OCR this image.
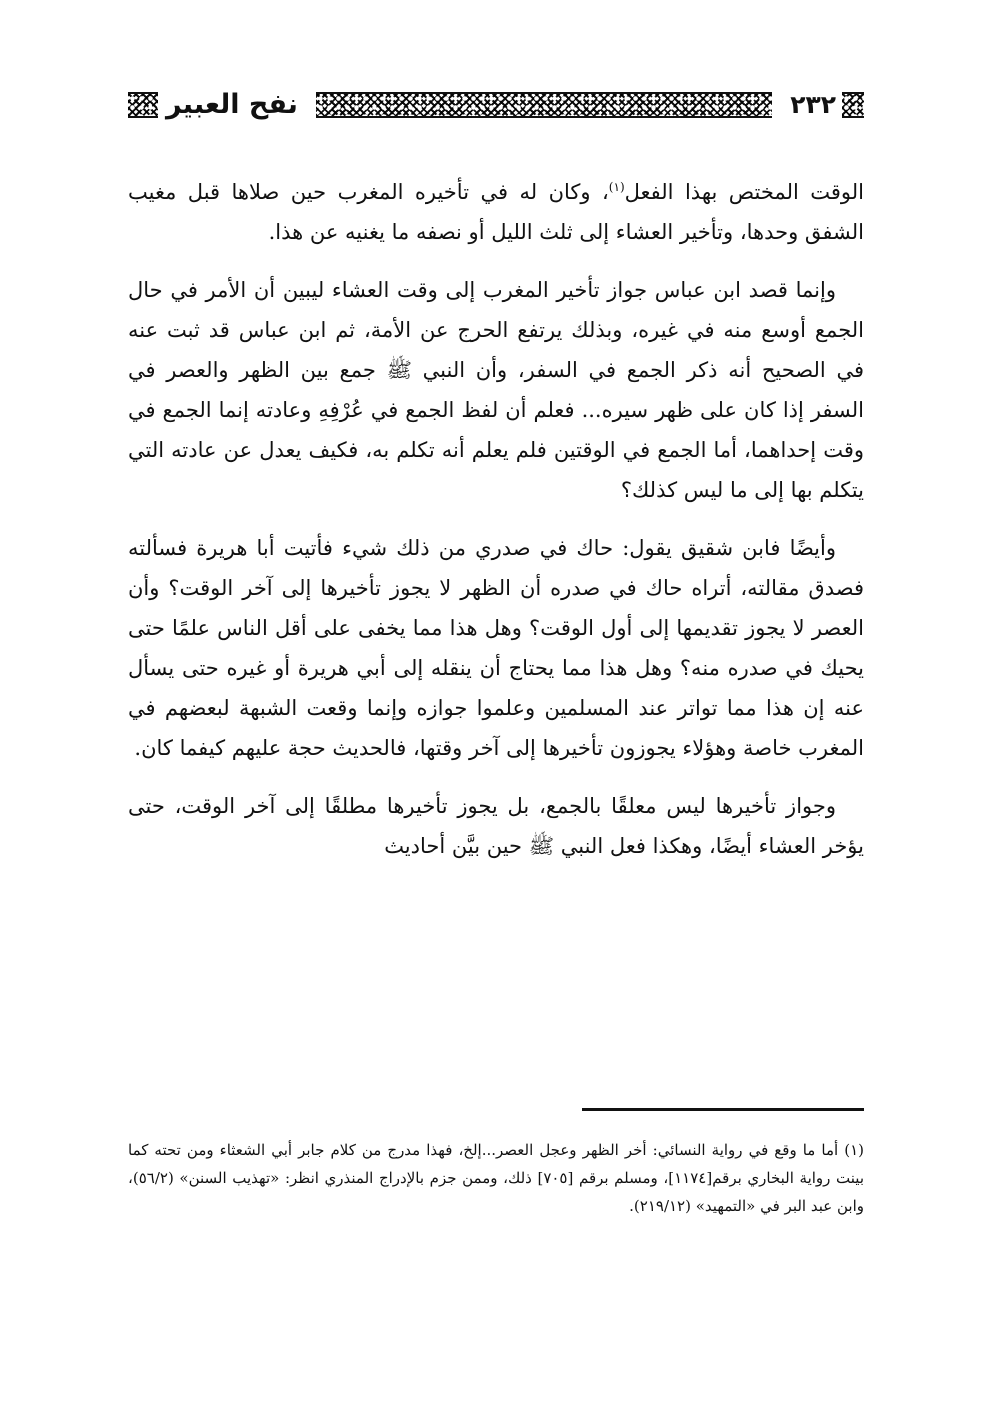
نفح العبير	٢٣٢

الوقت المختص بهذا الفعل$^{(١)}$، وكان له في تأخيره المغرب حين صلاها قبل مغيب الشفق وحدها، وتأخير العشاء إلى ثلث الليل أو نصفه ما يغنيه عن هذا.

وإنما قصد ابن عباس جواز تأخير المغرب إلى وقت العشاء ليبين أن الأمر في حال الجمع أوسع منه في غيره، وبذلك يرتفع الحرج عن الأمة، ثم ابن عباس قد ثبت عنه في الصحيح أنه ذكر الجمع في السفر، وأن النبي ﷺ جمع بين الظهر والعصر في السفر إذا كان على ظهر سيره... فعلم أن لفظ الجمع في عُرْفِهِ وعادته إنما الجمع في وقت إحداهما، أما الجمع في الوقتين فلم يعلم أنه تكلم به، فكيف يعدل عن عادته التي يتكلم بها إلى ما ليس كذلك؟

وأيضًا فابن شقيق يقول: حاك في صدري من ذلك شيء فأتيت أبا هريرة فسألته فصدق مقالته، أتراه حاك في صدره أن الظهر لا يجوز تأخيرها إلى آخر الوقت؟ وأن العصر لا يجوز تقديمها إلى أول الوقت؟ وهل هذا مما يخفى على أقل الناس علمًا حتى يحيك في صدره منه؟ وهل هذا مما يحتاج أن ينقله إلى أبي هريرة أو غيره حتى يسأل عنه إن هذا مما تواتر عند المسلمين وعلموا جوازه وإنما وقعت الشبهة لبعضهم في المغرب خاصة وهؤلاء يجوزون تأخيرها إلى آخر وقتها، فالحديث حجة عليهم كيفما كان.

وجواز تأخيرها ليس معلقًا بالجمع، بل يجوز تأخيرها مطلقًا إلى آخر الوقت، حتى يؤخر العشاء أيضًا، وهكذا فعل النبي ﷺ حين بيَّن أحاديث

(١) أما ما وقع في رواية النسائي: أخر الظهر وعجل العصر...إلخ، فهذا مدرج من كلام جابر أبي الشعثاء ومن تحته كما بينت رواية البخاري برقم[١١٧٤]، ومسلم برقم [٧٠٥] ذلك، وممن جزم بالإدراج المنذري انظر: «تهذيب السنن» (٥٦/٢)، وابن عبد البر في «التمهيد» (٢١٩/١٢).
